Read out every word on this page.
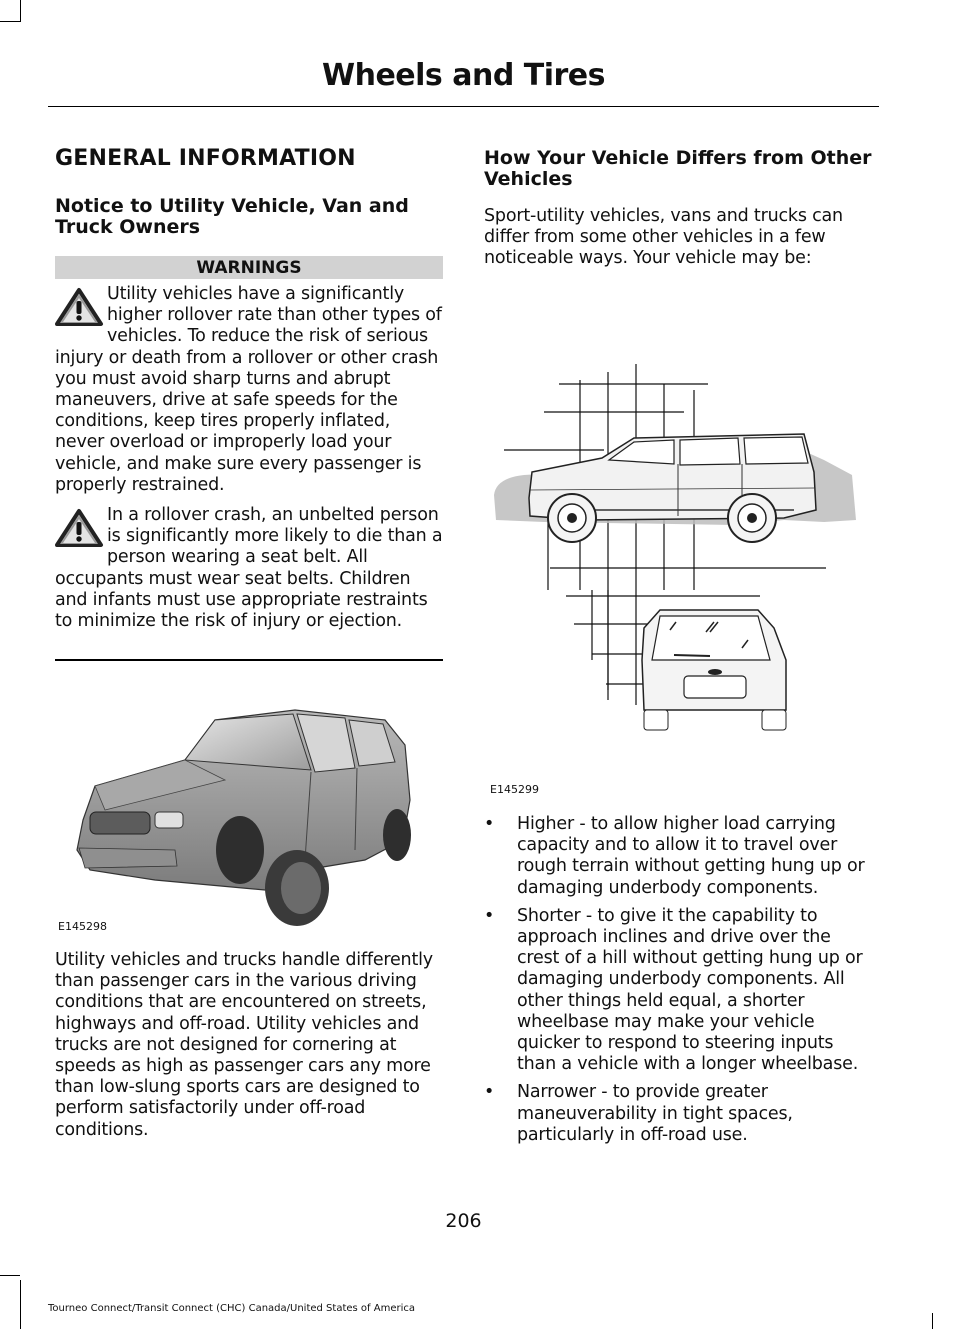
Wheels and Tires
GENERAL INFORMATION
Notice to Utility Vehicle, Van and Truck Owners
WARNINGS

Utility vehicles have a significantly higher rollover rate than other types of vehicles. To reduce the risk of serious injury or death from a rollover or other crash you must avoid sharp turns and abrupt maneuvers, drive at safe speeds for the conditions, keep tires properly inflated, never overload or improperly load your vehicle, and make sure every passenger is properly restrained.

In a rollover crash, an unbelted person is significantly more likely to die than a person wearing a seat belt. All occupants must wear seat belts. Children and infants must use appropriate restraints to minimize the risk of injury or ejection.

E145298

Utility vehicles and trucks handle differently than passenger cars in the various driving conditions that are encountered on streets, highways and off-road. Utility vehicles and trucks are not designed for cornering at speeds as high as passenger cars any more than low-slung sports cars are designed to perform satisfactorily under off-road conditions.

How Your Vehicle Differs from Other Vehicles

Sport-utility vehicles, vans and trucks can differ from some other vehicles in a few noticeable ways. Your vehicle may be:

E145299
• Higher - to allow higher load carrying capacity and to allow it to travel over rough terrain without getting hung up or damaging underbody components.
• Shorter - to give it the capability to approach inclines and drive over the crest of a hill without getting hung up or damaging underbody components. All other things held equal, a shorter wheelbase may make your vehicle quicker to respond to steering inputs than a vehicle with a longer wheelbase.
• Narrower - to provide greater maneuverability in tight spaces, particularly in off-road use.
206
Tourneo Connect/Transit Connect (CHC) Canada/United States of America
